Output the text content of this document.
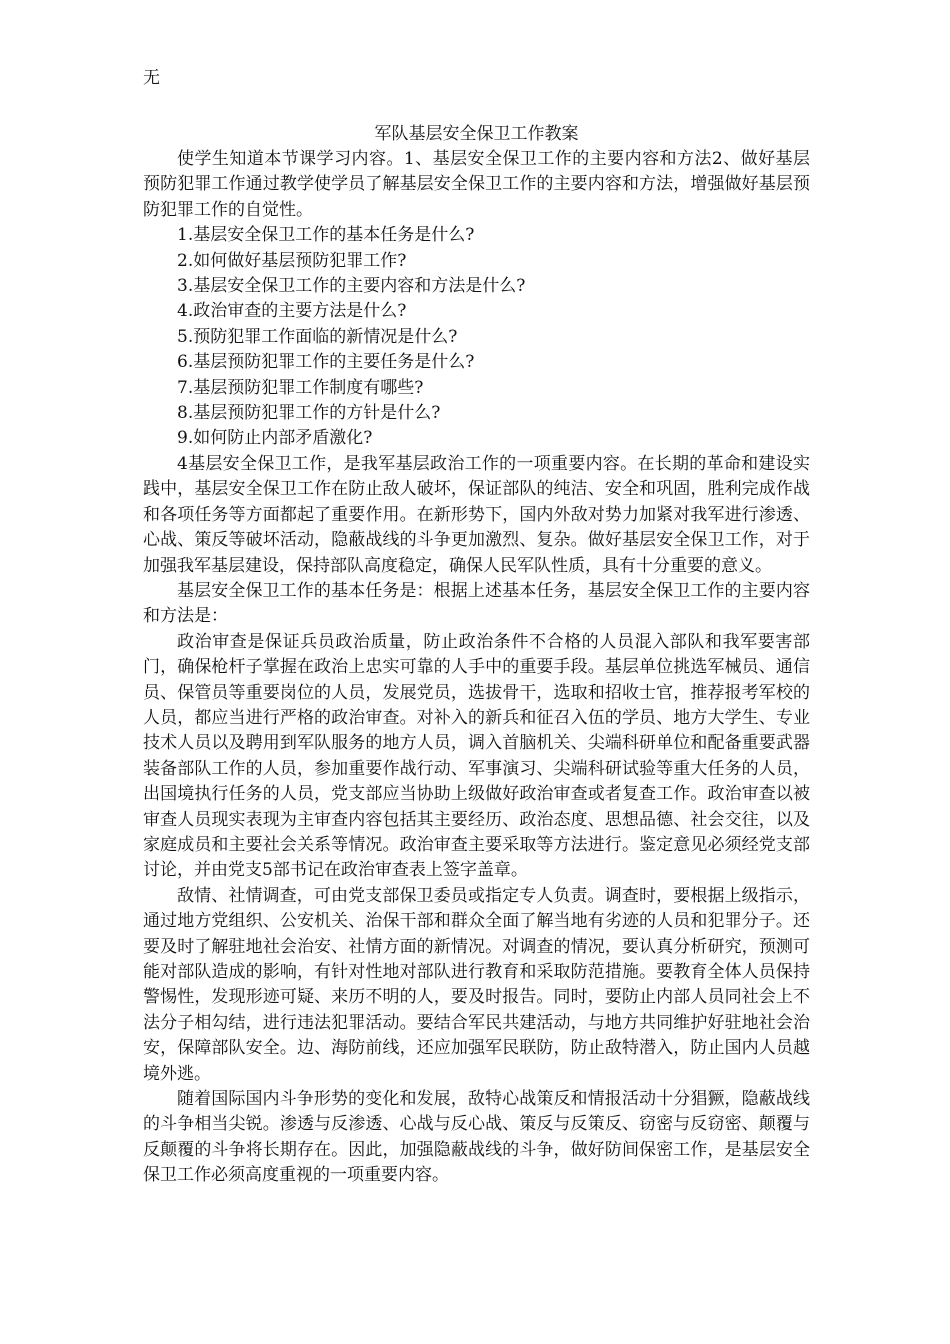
无
军队基层安全保卫工作教案

使学生知道本节课学习内容。1、基层安全保卫工作的主要内容和方法2、做好基层预防犯罪工作通过教学使学员了解基层安全保卫工作的主要内容和方法，增强做好基层预防犯罪工作的自觉性。

1.基层安全保卫工作的基本任务是什么?
2.如何做好基层预防犯罪工作?
3.基层安全保卫工作的主要内容和方法是什么?
4.政治审查的主要方法是什么?
5.预防犯罪工作面临的新情况是什么?
6.基层预防犯罪工作的主要任务是什么?
7.基层预防犯罪工作制度有哪些?
8.基层预防犯罪工作的方针是什么?
9.如何防止内部矛盾激化?

4基层安全保卫工作，是我军基层政治工作的一项重要内容。在长期的革命和建设实践中，基层安全保卫工作在防止敌人破坏，保证部队的纯洁、安全和巩固，胜利完成作战和各项任务等方面都起了重要作用。在新形势下，国内外敌对势力加紧对我军进行渗透、心战、策反等破坏活动，隐蔽战线的斗争更加激烈、复杂。做好基层安全保卫工作，对于加强我军基层建设，保持部队高度稳定，确保人民军队性质，具有十分重要的意义。

基层安全保卫工作的基本任务是：根据上述基本任务，基层安全保卫工作的主要内容和方法是：

政治审查是保证兵员政治质量，防止政治条件不合格的人员混入部队和我军要害部门，确保枪杆子掌握在政治上忠实可靠的人手中的重要手段。基层单位挑选军械员、通信员、保管员等重要岗位的人员，发展党员，选拔骨干，选取和招收士官，推荐报考军校的人员，都应当进行严格的政治审查。对补入的新兵和征召入伍的学员、地方大学生、专业技术人员以及聘用到军队服务的地方人员，调入首脑机关、尖端科研单位和配备重要武器装备部队工作的人员，参加重要作战行动、军事演习、尖端科研试验等重大任务的人员，出国境执行任务的人员，党支部应当协助上级做好政治审查或者复查工作。政治审查以被审查人员现实表现为主审查内容包括其主要经历、政治态度、思想品德、社会交往，以及家庭成员和主要社会关系等情况。政治审查主要采取等方法进行。鉴定意见必须经党支部讨论，并由党支5部书记在政治审查表上签字盖章。

敌情、社情调查，可由党支部保卫委员或指定专人负责。调查时，要根据上级指示，通过地方党组织、公安机关、治保干部和群众全面了解当地有劣迹的人员和犯罪分子。还要及时了解驻地社会治安、社情方面的新情况。对调查的情况，要认真分析研究，预测可能对部队造成的影响，有针对性地对部队进行教育和采取防范措施。要教育全体人员保持警惕性，发现形迹可疑、来历不明的人，要及时报告。同时，要防止内部人员同社会上不法分子相勾结，进行违法犯罪活动。要结合军民共建活动，与地方共同维护好驻地社会治安，保障部队安全。边、海防前线，还应加强军民联防，防止敌特潜入，防止国内人员越境外逃。

随着国际国内斗争形势的变化和发展，敌特心战策反和情报活动十分猖獗，隐蔽战线的斗争相当尖锐。渗透与反渗透、心战与反心战、策反与反策反、窃密与反窃密、颠覆与反颠覆的斗争将长期存在。因此，加强隐蔽战线的斗争，做好防间保密工作，是基层安全保卫工作必须高度重视的一项重要内容。
